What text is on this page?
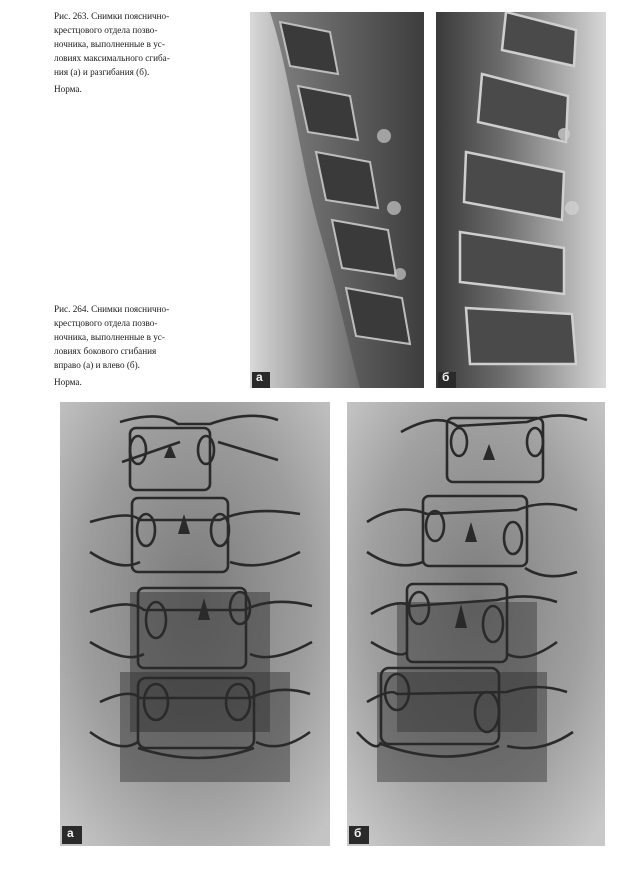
Рис. 263. Снимки пояснично-
крестцового отдела позво-
ночника, выполненные в ус-
ловиях максимального сгиба-
ния (а) и разгибания (б).
Норма.
а	б
Рис. 264. Снимки пояснично-
крестцового отдела позво-
ночника, выполненные в ус-
ловиях бокового сгибания
вправо (а) и влево (б).
Норма.
а	б
